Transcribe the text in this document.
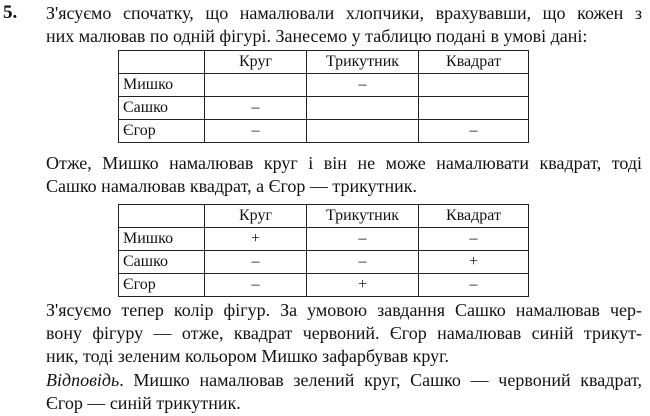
5. З'ясуємо спочатку, що намалювали хлопчики, врахувавши, що кожен з
них малював по одній фігурі. Занесемо у таблицю подані в умові дані:
	Круг	Трикутник	Квадрат
Мишко		–	
Сашко	–		
Єгор	–		–
Отже, Мишко намалював круг і він не може намалювати квадрат, тоді
Сашко намалював квадрат, а Єгор — трикутник.
	Круг	Трикутник	Квадрат
Мишко	+	–	–
Сашко	–	–	+
Єгор	–	+	–
З'ясуємо тепер колір фігур. За умовою завдання Сашко намалював чер-
вону фігуру — отже, квадрат червоний. Єгор намалював синій трикут-
ник, тоді зеленим кольором Мишко зафарбував круг.
Відповідь. Мишко намалював зелений круг, Сашко — червоний квадрат,
Єгор — синій трикутник.
